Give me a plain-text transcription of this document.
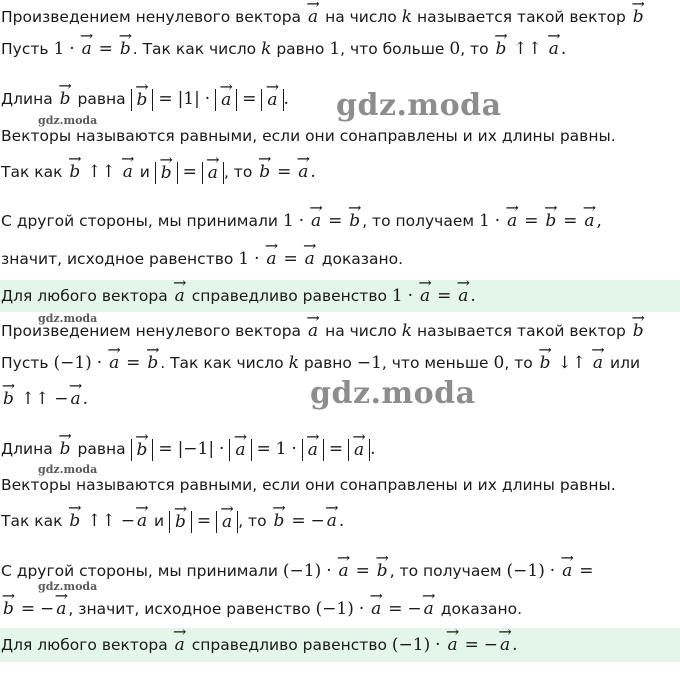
Произведением ненулевого вектора → a на число k называется такой вектор → b
Пусть 1 · → a = → b . Так как число k равно 1, что больше 0, то → b ↑↑ → a .
Длина → b равна → b = |1| · → a = → a .	gdz.moda
gdz.moda
Векторы называются равными, если они сонаправлены и их длины равны.
Так как → b ↑↑ → a и → b = → a , то → b = → a .
С другой стороны, мы принимали 1 · → a = → b , то получаем 1 · → a = → b = → a ,
значит, исходное равенство 1 · → a = → a доказано.
Для любого вектора → a справедливо равенство 1 · → a = → a .
gdz.moda
Произведением ненулевого вектора → a на число k называется такой вектор → b
Пусть (−1) · → a = → b . Так как число k равно −1, что меньше 0, то → b ↓↑ → a или
→ b ↑↑ − → a .	gdz.moda
Длина → b равна → b = |−1| · → a = 1 · → a = → a .
gdz.moda
Векторы называются равными, если они сонаправлены и их длины равны.
Так как → b ↑↑ − → a и → b = → a , то → b = − → a .
С другой стороны, мы принимали (−1) · → a = → b , то получаем (−1) · → a =
gdz.moda
→ b = − → a , значит, исходное равенство (−1) · → a = − → a доказано.
Для любого вектора → a справедливо равенство (−1) · → a = − → a .
